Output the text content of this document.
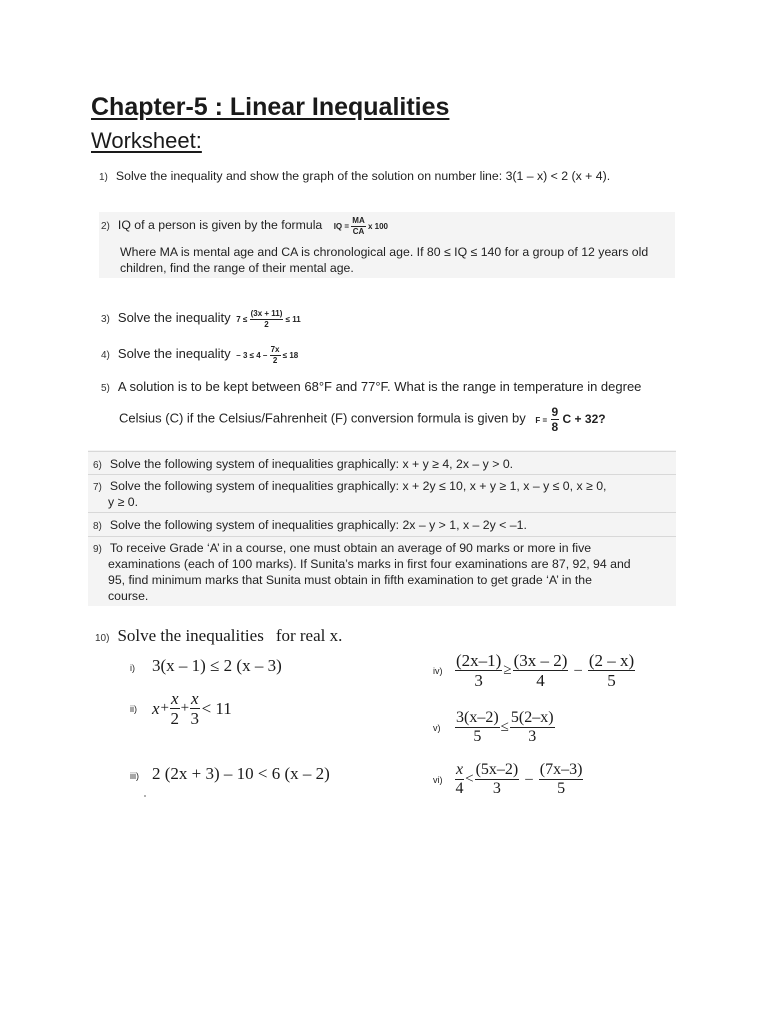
Chapter-5 : Linear Inequalities
Worksheet:
1) Solve the inequality and show the graph of the solution on number line: 3(1 – x) < 2 (x + 4).
2) IQ of a person is given by the formula IQ = $\frac{MA}{CA}$ x 100
Where MA is mental age and CA is chronological age. If 80 ≤ IQ ≤ 140 for a group of 12 years old
children, find the range of their mental age.
3) Solve the inequality $7 \le \frac{(3x + 11)}{2} \le 11$
4) Solve the inequality – $3 \le 4 - \frac{7x}{2} \le 18$
5) A solution is to be kept between 68°F and 77°F. What is the range in temperature in degree
Celsius (C) if the Celsius/Fahrenheit (F) conversion formula is given by $F = \frac{9}{8}$ C + 32?
6) Solve the following system of inequalities graphically: x + y ≥ 4, 2x – y > 0.
7) Solve the following system of inequalities graphically: x + 2y ≤ 10, x + y ≥ 1, x – y ≤ 0, x ≥ 0,
y ≥ 0.
8) Solve the following system of inequalities graphically: 2x – y > 1, x – 2y < –1.
9) To receive Grade ‘A’ in a course, one must obtain an average of 90 marks or more in five
examinations (each of 100 marks). If Sunita’s marks in first four examinations are 87, 92, 94 and
95, find minimum marks that Sunita must obtain in fifth examination to get grade ‘A’ in the
course.
10) Solve the inequalities for real x.
i) 3(x – 1) ≤ 2 (x – 3)
ii) $x + \frac{x}{2} + \frac{x}{3} < 11$
iii) 2 (2x + 3) – 10 < 6 (x – 2)
$iv) \frac{(2x-1)}{3} \ge \frac{(3x - 2)}{4} - \frac{(2 - x)}{5}$
$v) \frac{3(x-2)}{5} \le \frac{5(2-x)}{3}$
$vi) \frac{x}{4} < \frac{(5x-2)}{3} - \frac{(7x-3)}{5}$
